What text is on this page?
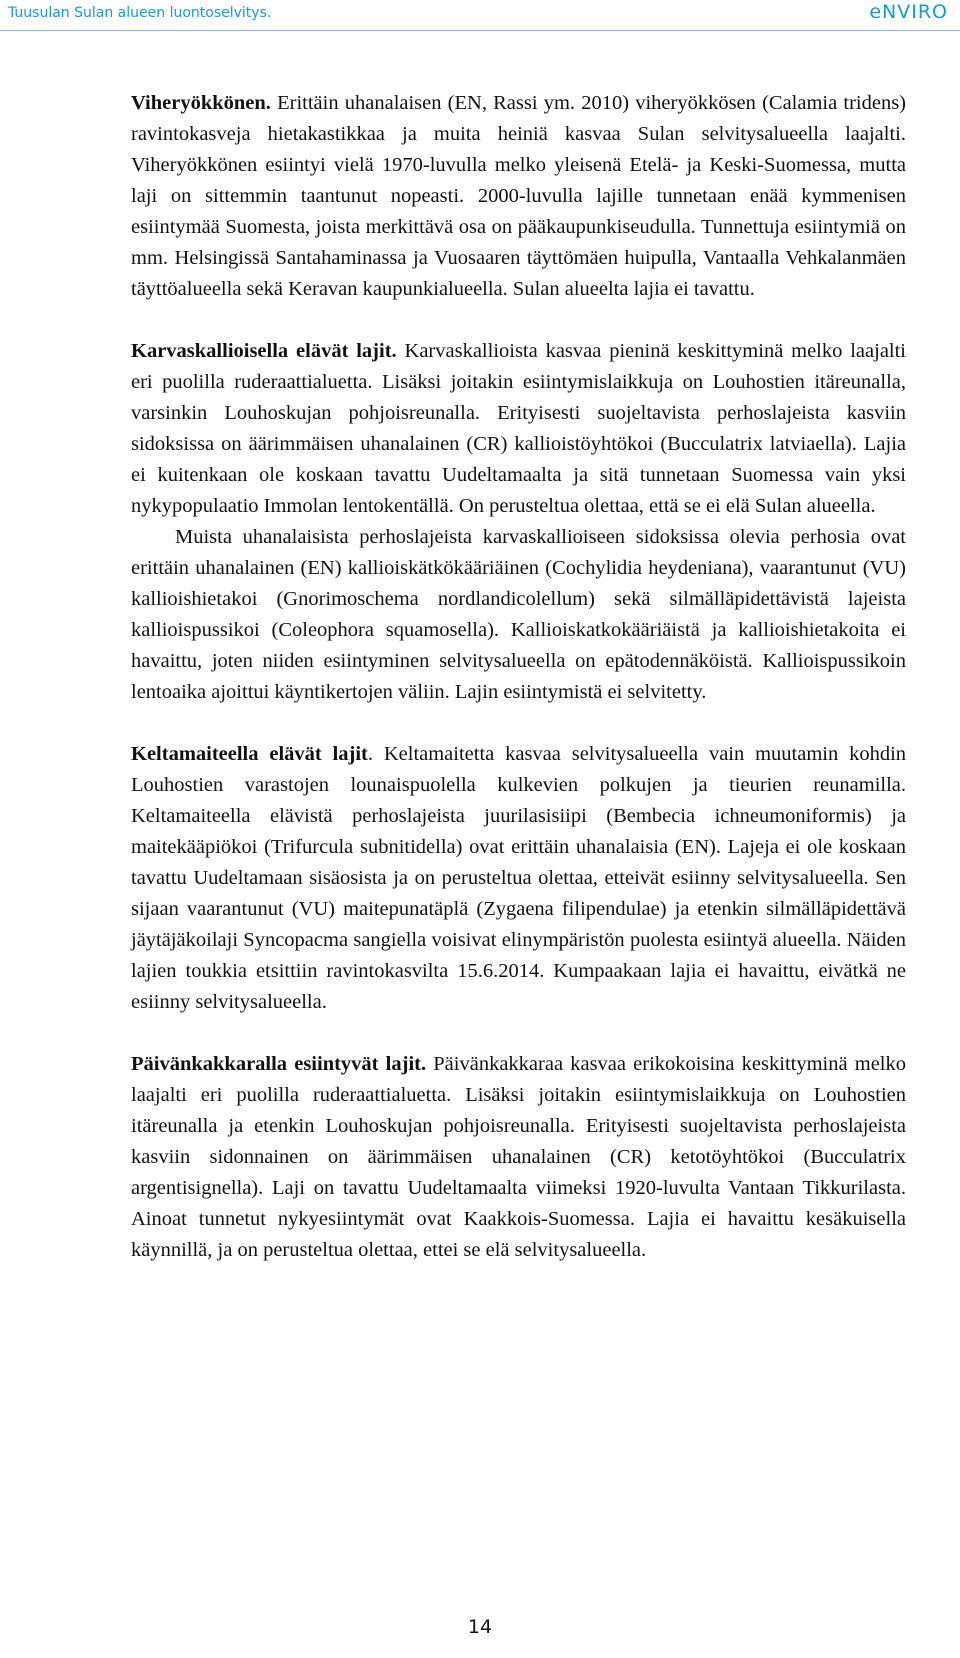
Tuusulan Sulan alueen luontoselvitys.	eNVIRO

Viheryökkönen. Erittäin uhanalaisen (EN, Rassi ym. 2010) viheryökkösen (Calamia tridens) ravintokasveja hietakastikkaa ja muita heiniä kasvaa Sulan selvitysalueella laajalti. Viheryökkönen esiintyi vielä 1970-luvulla melko yleisenä Etelä- ja Keski-Suomessa, mutta laji on sittemmin taantunut nopeasti. 2000-luvulla lajille tunnetaan enää kymmenisen esiintymää Suomesta, joista merkittävä osa on pääkaupunkiseudulla. Tunnettuja esiintymiä on mm. Helsingissä Santahaminassa ja Vuosaaren täyttömäen huipulla, Vantaalla Vehkalanmäen täyttöalueella sekä Keravan kaupunkialueella. Sulan alueelta lajia ei tavattu.

Karvaskallioisella elävät lajit. Karvaskallioista kasvaa pieninä keskittyminä melko laajalti eri puolilla ruderaattialuetta. Lisäksi joitakin esiintymislaikkuja on Louhostien itäreunalla, varsinkin Louhoskujan pohjoisreunalla. Erityisesti suojeltavista perhoslajeista kasviin sidoksissa on äärimmäisen uhanalainen (CR) kallioistöyhtökoi (Bucculatrix latviaella). Lajia ei kuitenkaan ole koskaan tavattu Uudeltamaalta ja sitä tunnetaan Suomessa vain yksi nykypopulaatio Immolan lentokentällä. On perusteltua olettaa, että se ei elä Sulan alueella.

Muista uhanalaisista perhoslajeista karvaskallioiseen sidoksissa olevia perhosia ovat erittäin uhanalainen (EN) kallioiskätkökääriäinen (Cochylidia heydeniana), vaarantunut (VU) kallioishietakoi (Gnorimoschema nordlandicolellum) sekä silmälläpidettävistä lajeista kallioispussikoi (Coleophora squamosella). Kallioiskatkokääriäistä ja kallioishietakoita ei havaittu, joten niiden esiintyminen selvitysalueella on epätodennäköistä. Kallioispussikoin lentoaika ajoittui käyntikertojen väliin. Lajin esiintymistä ei selvitetty.

Keltamaiteella elävät lajit. Keltamaitetta kasvaa selvitysalueella vain muutamin kohdin Louhostien varastojen lounaispuolella kulkevien polkujen ja tieurien reunamilla. Keltamaiteella elävistä perhoslajeista juurilasisiipi (Bembecia ichneumoniformis) ja maitekääpiökoi (Trifurcula subnitidella) ovat erittäin uhanalaisia (EN). Lajeja ei ole koskaan tavattu Uudeltamaan sisäosista ja on perusteltua olettaa, etteivät esiinny selvitysalueella. Sen sijaan vaarantunut (VU) maitepunatäplä (Zygaena filipendulae) ja etenkin silmälläpidettävä jäytäjäkoilaji Syncopacma sangiella voisivat elinympäristön puolesta esiintyä alueella. Näiden lajien toukkia etsittiin ravintokasvilta 15.6.2014. Kumpaakaan lajia ei havaittu, eivätkä ne esiinny selvitysalueella.

Päivänkakkaralla esiintyvät lajit. Päivänkakkaraa kasvaa erikokoisina keskittyminä melko laajalti eri puolilla ruderaattialuetta. Lisäksi joitakin esiintymislaikkuja on Louhostien itäreunalla ja etenkin Louhoskujan pohjoisreunalla. Erityisesti suojeltavista perhoslajeista kasviin sidonnainen on äärimmäisen uhanalainen (CR) ketotöyhtökoi (Bucculatrix argentisignella). Laji on tavattu Uudeltamaalta viimeksi 1920-luvulta Vantaan Tikkurilasta. Ainoat tunnetut nykyesiintymät ovat Kaakkois-Suomessa. Lajia ei havaittu kesäkuisella käynnillä, ja on perusteltua olettaa, ettei se elä selvitysalueella.

14
